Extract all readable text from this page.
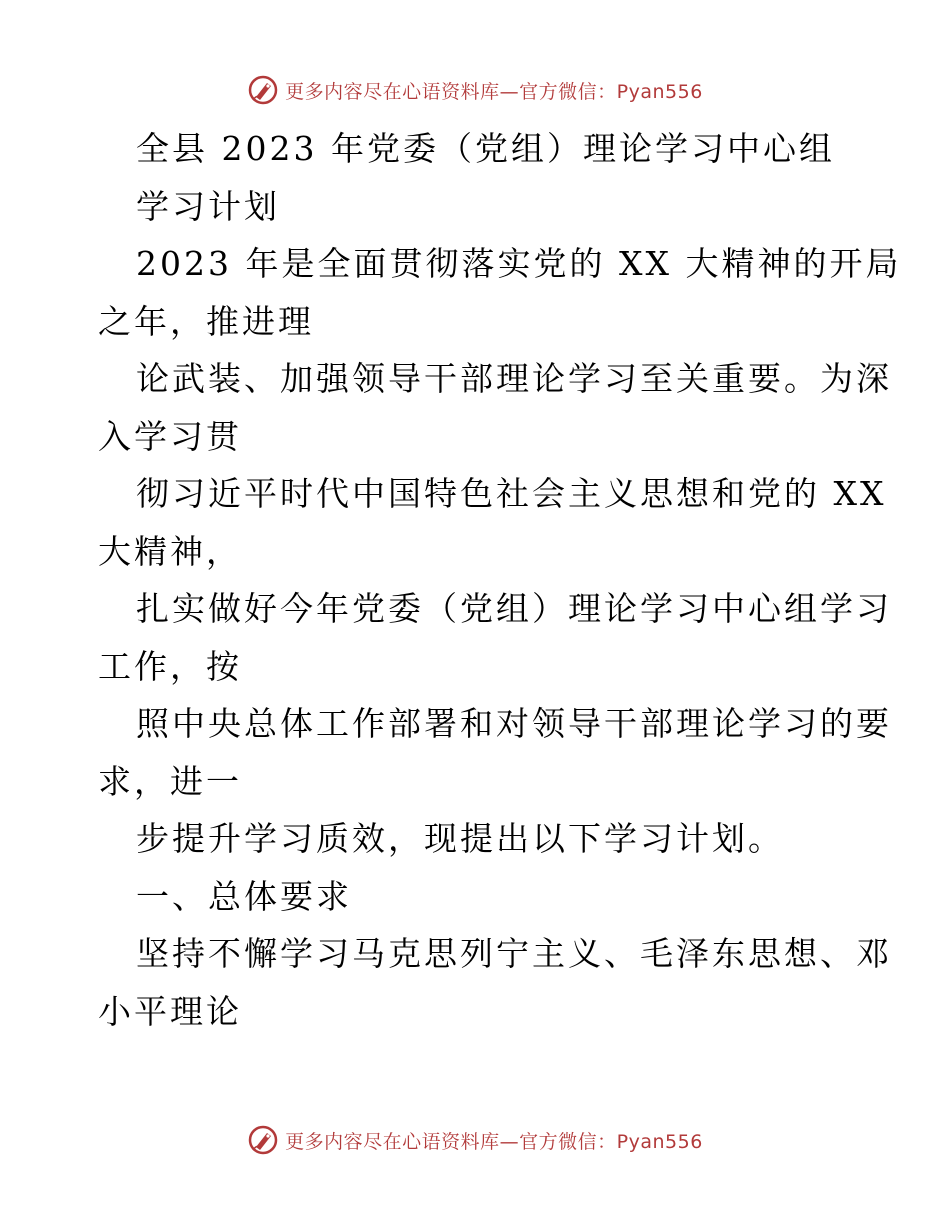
更多内容尽在心语资料库—官方微信：Pyan556
全县 2023 年党委（党组）理论学习中心组
学习计划
2023 年是全面贯彻落实党的 XX 大精神的开局
之年，推进理
论武装、加强领导干部理论学习至关重要。为深
入学习贯
彻习近平时代中国特色社会主义思想和党的 XX
大精神，
扎实做好今年党委（党组）理论学习中心组学习
工作，按
照中央总体工作部署和对领导干部理论学习的要
求，进一
步提升学习质效，现提出以下学习计划。
一、总体要求
坚持不懈学习马克思列宁主义、毛泽东思想、邓
小平理论
更多内容尽在心语资料库—官方微信：Pyan556
